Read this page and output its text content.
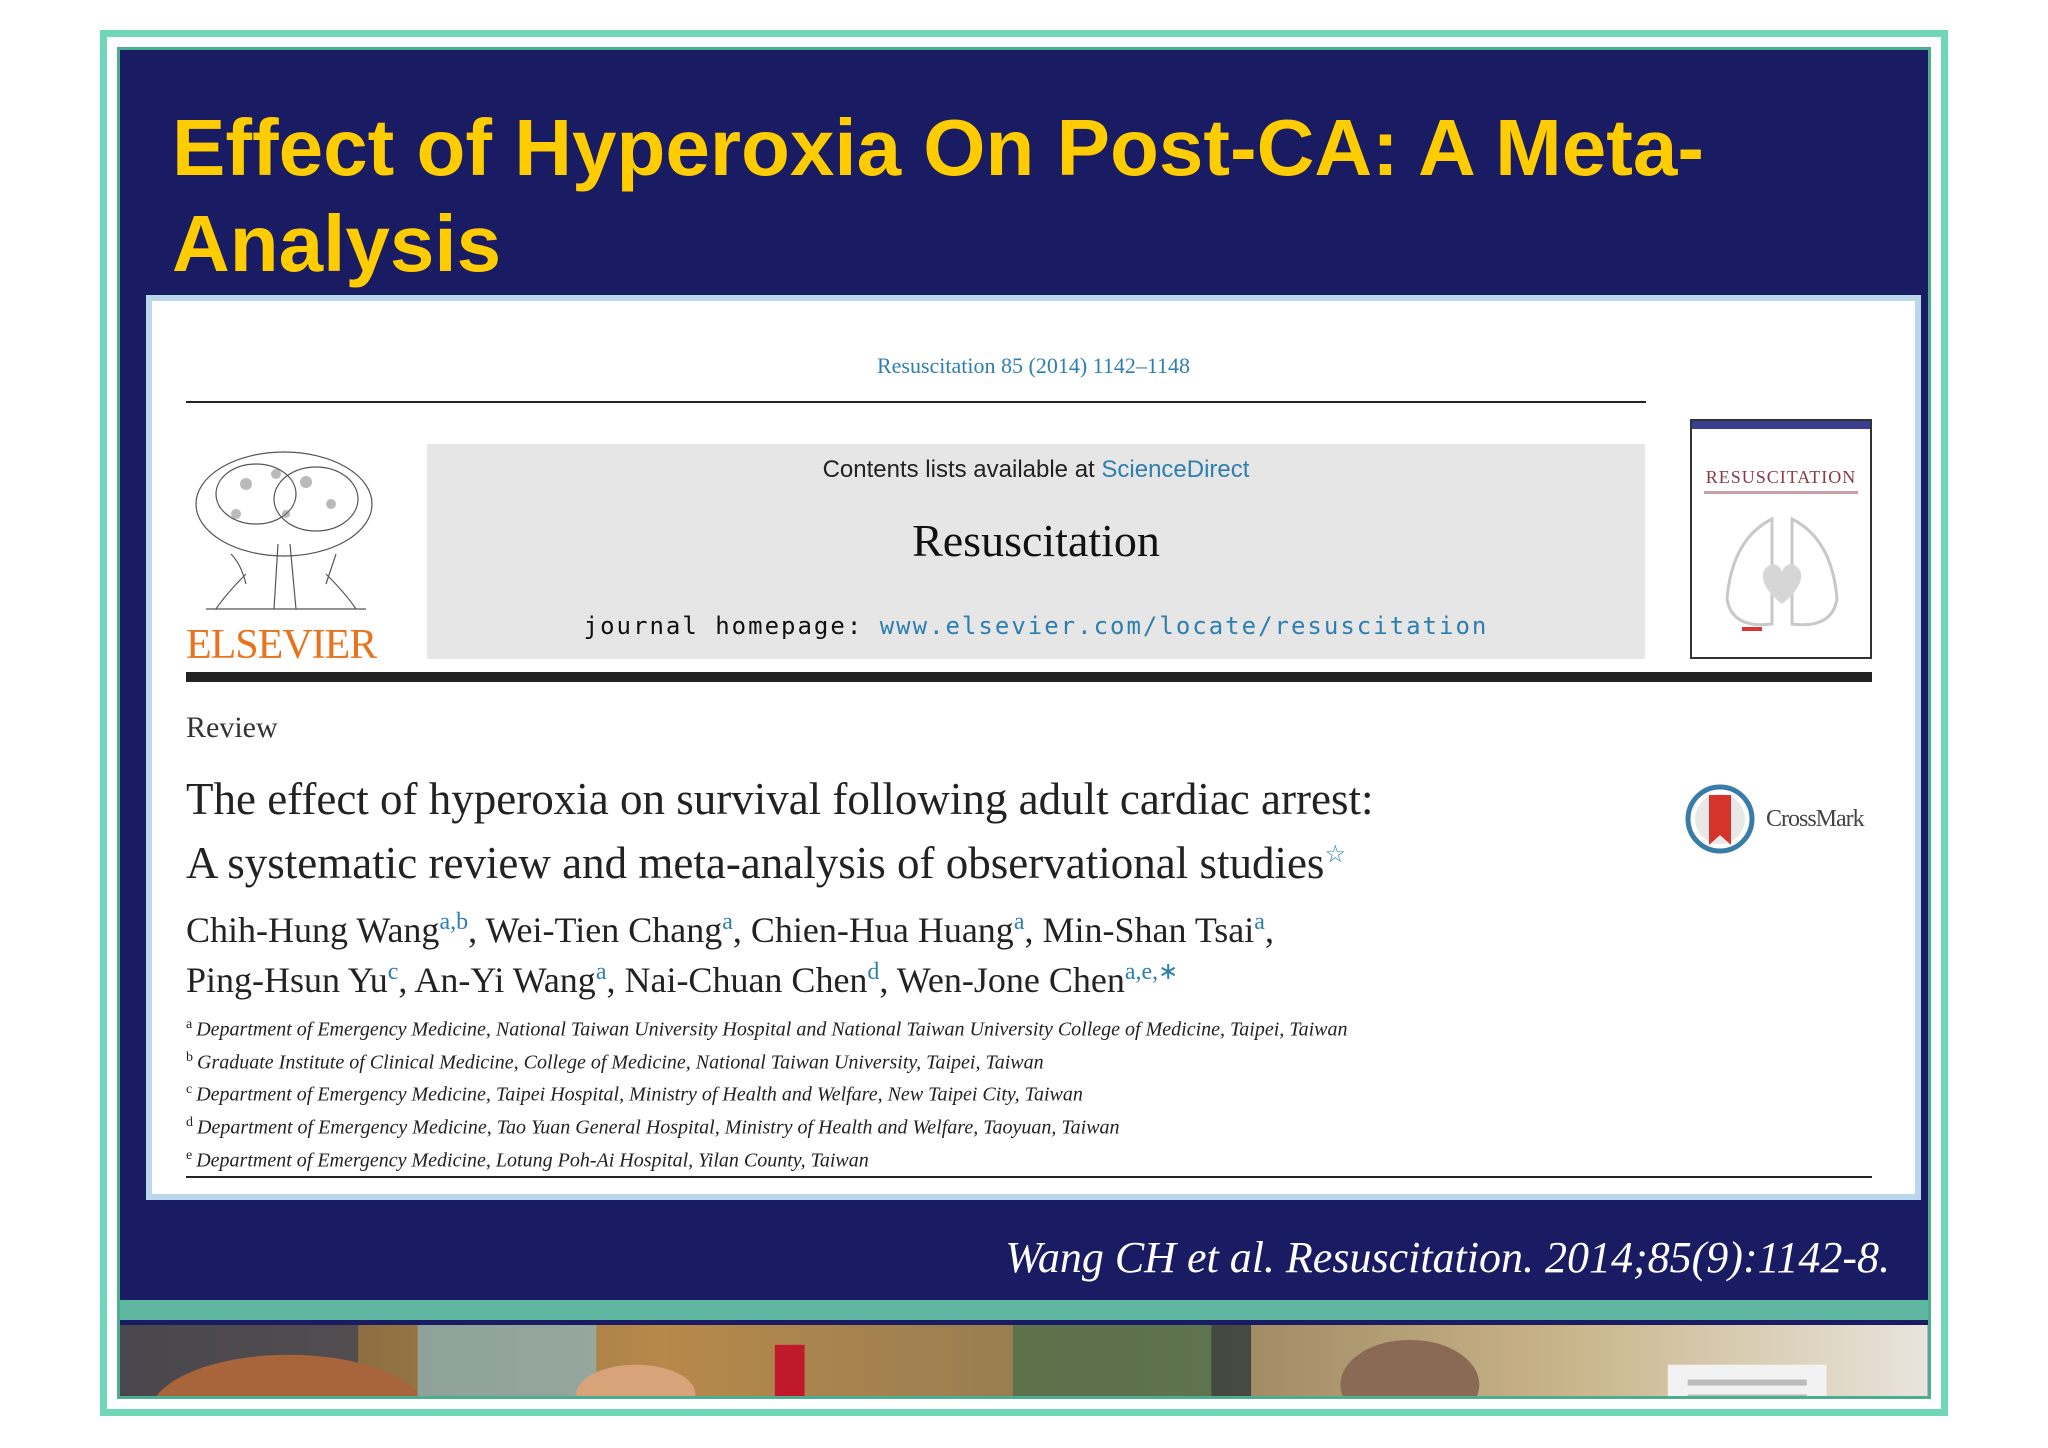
Effect of Hyperoxia On Post-CA: A Meta-Analysis
Resuscitation 85 (2014) 1142–1148
ELSEVIER
Contents lists available at ScienceDirect
Resuscitation
journal homepage: www.elsevier.com/locate/resuscitation
RESUSCITATION
Review
The effect of hyperoxia on survival following adult cardiac arrest:
A systematic review and meta-analysis of observational studies☆
CrossMark
Chih-Hung Wang$^{a,b}$, Wei-Tien Chang$^a$, Chien-Hua Huang$^a$, Min-Shan Tsai$^a$,
Ping-Hsun Yu$^c$, An-Yi Wang$^a$, Nai-Chuan Chen$^d$, Wen-Jone Chen$^{a,e,∗}$
$^a$ Department of Emergency Medicine, National Taiwan University Hospital and National Taiwan University College of Medicine, Taipei, Taiwan
$^b$ Graduate Institute of Clinical Medicine, College of Medicine, National Taiwan University, Taipei, Taiwan
$^c$ Department of Emergency Medicine, Taipei Hospital, Ministry of Health and Welfare, New Taipei City, Taiwan
$^d$ Department of Emergency Medicine, Tao Yuan General Hospital, Ministry of Health and Welfare, Taoyuan, Taiwan
$^e$ Department of Emergency Medicine, Lotung Poh-Ai Hospital, Yilan County, Taiwan
Wang CH et al. Resuscitation. 2014;85(9):1142-8.
